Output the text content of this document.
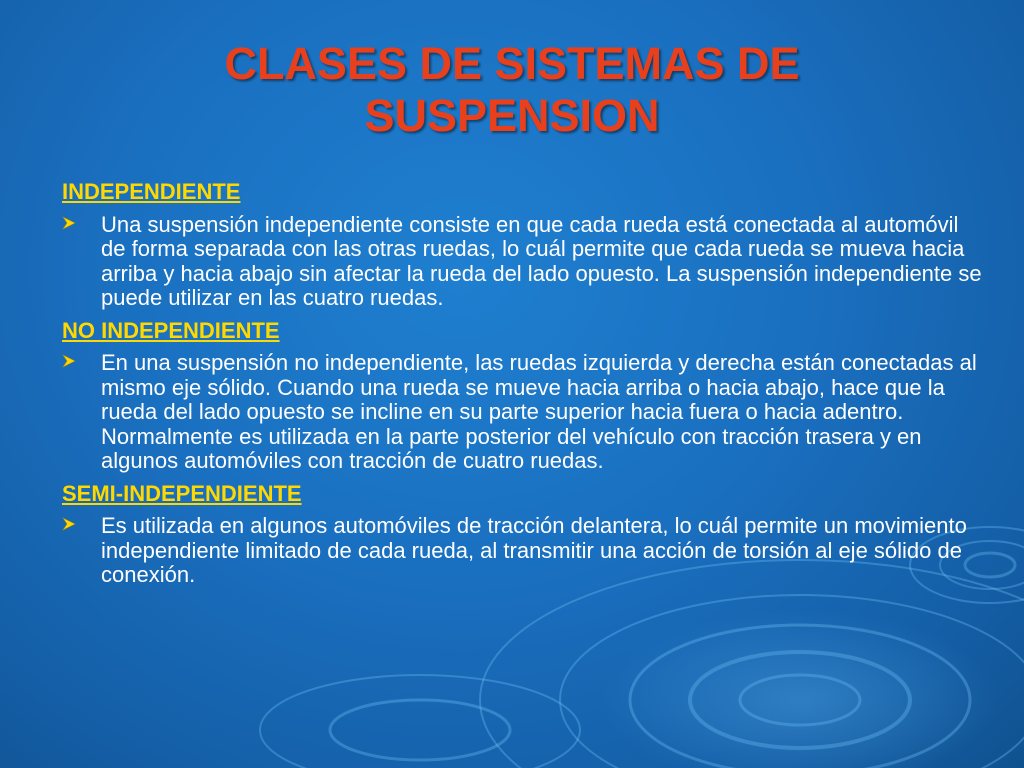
CLASES DE SISTEMAS DE SUSPENSION
INDEPENDIENTE
Una suspensión independiente consiste en que cada rueda está conectada al automóvil de forma separada con las otras ruedas, lo cuál permite que cada rueda se mueva hacia arriba y hacia abajo sin afectar la rueda del lado opuesto. La suspensión independiente se puede utilizar en las cuatro ruedas.
NO INDEPENDIENTE
En una suspensión no independiente, las ruedas izquierda y derecha están conectadas al mismo eje sólido. Cuando una rueda se mueve hacia arriba o hacia abajo, hace que la rueda del lado opuesto se incline en su parte superior hacia fuera o hacia adentro. Normalmente es utilizada en la parte posterior del vehículo con tracción trasera y en algunos automóviles con tracción de cuatro ruedas.
SEMI-INDEPENDIENTE
Es utilizada en algunos automóviles de tracción delantera, lo cuál permite un movimiento independiente limitado de cada rueda, al transmitir una acción de torsión al eje sólido de conexión.
